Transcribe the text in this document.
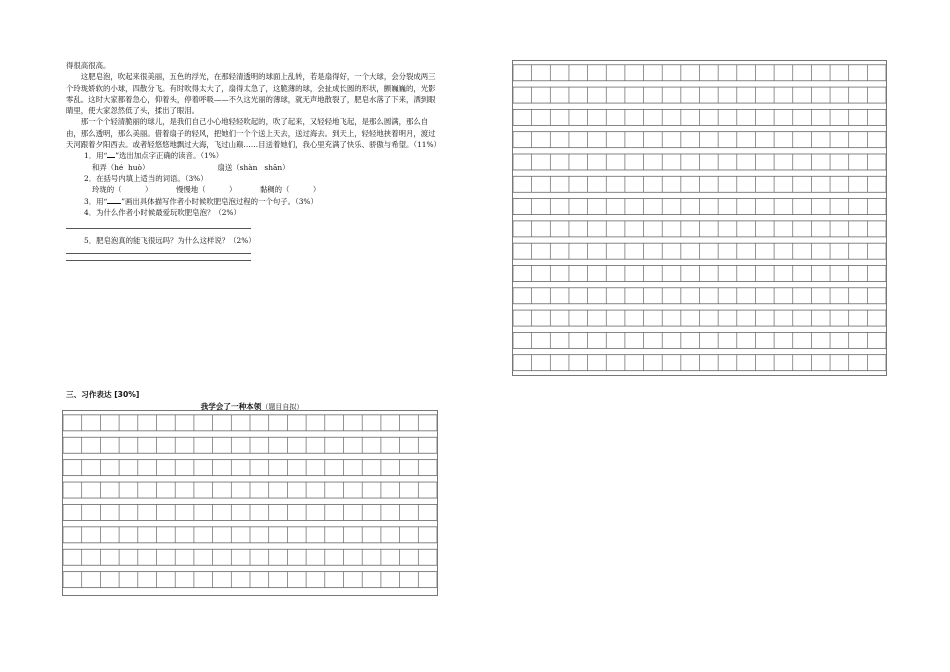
得很高很高。

这肥皂泡，吹起来很美丽，五色的浮光，在那轻清透明的球面上乱转，若是扇得好，一个大球，会分裂成两三个玲珑娇软的小球，四散分飞。有时吹得太大了，扇得太急了，这脆薄的球，会扯成长圆的形状，颤巍巍的，光影零乱。这时大家都着急心，仰着头，停着呼吸——不久这光丽的薄球，就无声地散裂了，肥皂水落了下来，洒到眼睛里，使大家忽然低了头，揉出了眼泪。

那一个个轻清脆丽的球儿，是我们自己小心地轻轻吹起的，吹了起来，又轻轻地飞起，是那么圆满，那么自由，那么透明，那么美丽。借着扇子的轻风，把她们一个个送上天去，送过海去。到天上，轻轻地挟着明月，渡过天河跟着夕阳西去。或者轻悠悠地飘过大海，飞过山巅……目送着她们，我心里充满了快乐、骄傲与希望。（11%）

1．用“ ”选出加点字正确的读音。（1%）

和弄（hé  huò）                             扇送（shàn   shān）

2．在括号内填上适当的词语。（3%）

玲珑的（          ）          慢慢地（          ）          黏稠的（          ）

3．用“ ”画出具体描写作者小时候吹肥皂泡过程的一个句子。（3%）

4．为什么作者小时候最爱玩吹肥皂泡？（2%）

5．肥皂泡真的能飞很远吗？为什么这样说？（2%）

三、习作表达 [30%]
我学会了一种本领（题目自拟）
